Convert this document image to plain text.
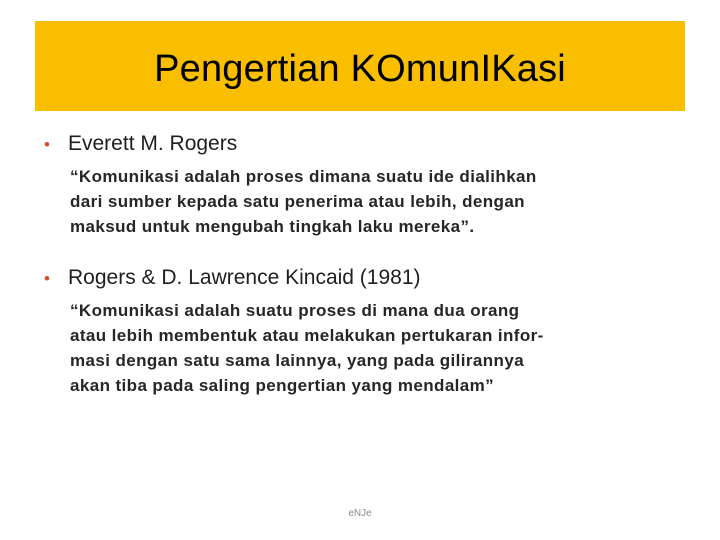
Pengertian KOmunIKasi
• Everett M. Rogers
“Komunikasi adalah proses dimana suatu ide dialihkan
dari sumber kepada satu penerima atau lebih, dengan
maksud untuk mengubah tingkah laku mereka”.
• Rogers & D. Lawrence Kincaid (1981)
“Komunikasi adalah suatu proses di mana dua orang
atau lebih membentuk atau melakukan pertukaran infor-
masi dengan satu sama lainnya, yang pada gilirannya
akan tiba pada saling pengertian yang mendalam”
eNJe
